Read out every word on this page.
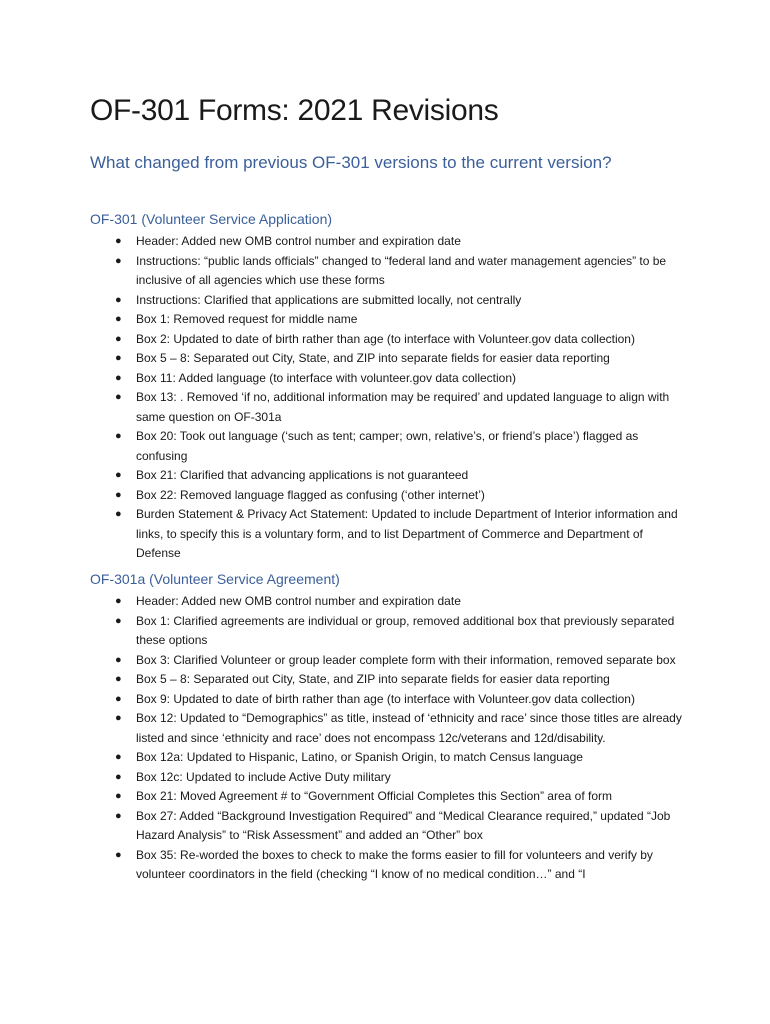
OF-301 Forms: 2021 Revisions
What changed from previous OF-301 versions to the current version?
OF-301 (Volunteer Service Application)
● Header: Added new OMB control number and expiration date
● Instructions: “public lands officials” changed to “federal land and water management agencies” to be inclusive of all agencies which use these forms
● Instructions: Clarified that applications are submitted locally, not centrally
● Box 1: Removed request for middle name
● Box 2: Updated to date of birth rather than age (to interface with Volunteer.gov data collection)
● Box 5 – 8: Separated out City, State, and ZIP into separate fields for easier data reporting
● Box 11: Added language (to interface with volunteer.gov data collection)
● Box 13: . Removed ‘if no, additional information may be required’ and updated language to align with same question on OF-301a
● Box 20: Took out language (‘such as tent; camper; own, relative’s, or friend’s place’) flagged as confusing
● Box 21: Clarified that advancing applications is not guaranteed
● Box 22: Removed language flagged as confusing (‘other internet’)
● Burden Statement & Privacy Act Statement: Updated to include Department of Interior information and links, to specify this is a voluntary form, and to list Department of Commerce and Department of Defense
OF-301a (Volunteer Service Agreement)
● Header: Added new OMB control number and expiration date
● Box 1: Clarified agreements are individual or group, removed additional box that previously separated these options
● Box 3: Clarified Volunteer or group leader complete form with their information, removed separate box
● Box 5 – 8: Separated out City, State, and ZIP into separate fields for easier data reporting
● Box 9: Updated to date of birth rather than age (to interface with Volunteer.gov data collection)
● Box 12: Updated to “Demographics” as title, instead of ‘ethnicity and race’ since those titles are already listed and since ‘ethnicity and race’ does not encompass 12c/veterans and 12d/disability.
● Box 12a: Updated to Hispanic, Latino, or Spanish Origin, to match Census language
● Box 12c: Updated to include Active Duty military
● Box 21: Moved Agreement # to “Government Official Completes this Section” area of form
● Box 27: Added “Background Investigation Required” and “Medical Clearance required,” updated “Job Hazard Analysis” to “Risk Assessment” and added an “Other” box
● Box 35: Re-worded the boxes to check to make the forms easier to fill for volunteers and verify by volunteer coordinators in the field (checking “I know of no medical condition…” and “I
